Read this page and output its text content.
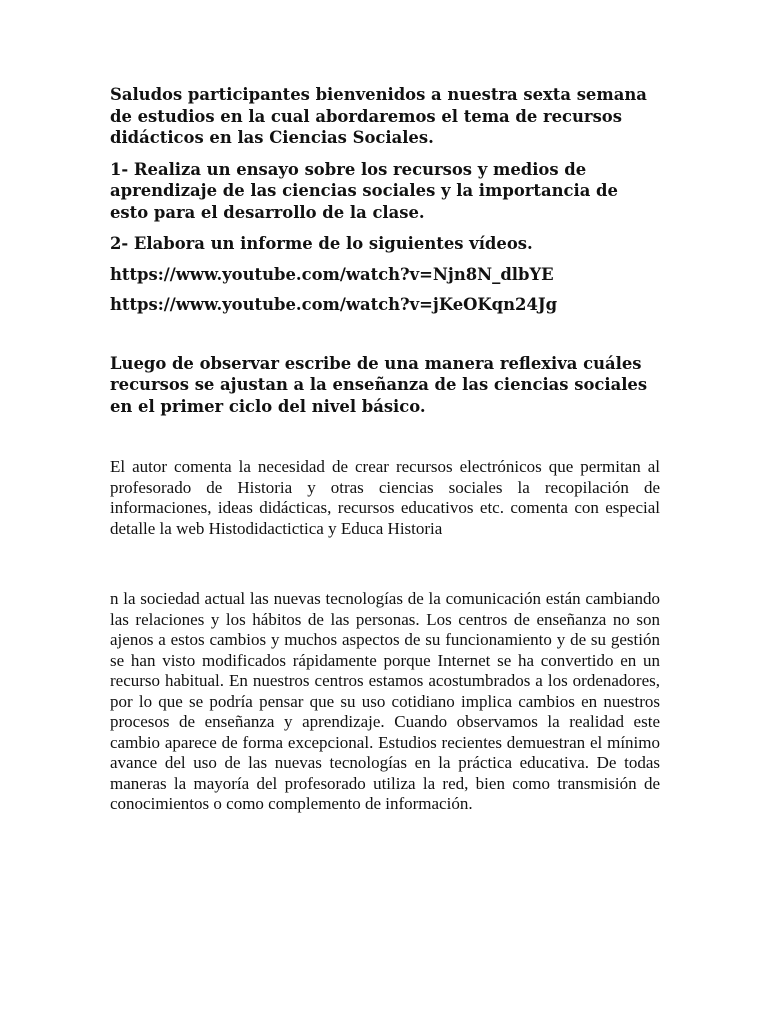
Saludos participantes bienvenidos a nuestra sexta semana de estudios en la cual abordaremos el tema de recursos didácticos en las Ciencias Sociales.

1- Realiza un ensayo sobre los recursos y medios de aprendizaje de las ciencias sociales y la importancia de esto para el desarrollo de la clase.

2- Elabora un informe de lo siguientes vídeos.

https://www.youtube.com/watch?v=Njn8N_dlbYE

https://www.youtube.com/watch?v=jKeOKqn24Jg

Luego de observar escribe de una manera reflexiva cuáles recursos se ajustan a la enseñanza de las ciencias sociales en el primer ciclo del nivel básico.

El autor comenta la necesidad de crear recursos electrónicos que permitan al profesorado de Historia y otras ciencias sociales la recopilación de informaciones, ideas didácticas, recursos educativos etc. comenta con especial detalle la web Histodidactictica y Educa Historia

n la sociedad actual las nuevas tecnologías de la comunicación están cambiando las relaciones y los hábitos de las personas. Los centros de enseñanza no son ajenos a estos cambios y muchos aspectos de su funcionamiento y de su gestión se han visto modificados rápidamente porque Internet se ha convertido en un recurso habitual. En nuestros centros estamos acostumbrados a los ordenadores, por lo que se podría pensar que su uso cotidiano implica cambios en nuestros procesos de enseñanza y aprendizaje. Cuando observamos la realidad este cambio aparece de forma excepcional. Estudios recientes demuestran el mínimo avance del uso de las nuevas tecnologías en la práctica educativa. De todas maneras la mayoría del profesorado utiliza la red, bien como transmisión de conocimientos o como complemento de información.
